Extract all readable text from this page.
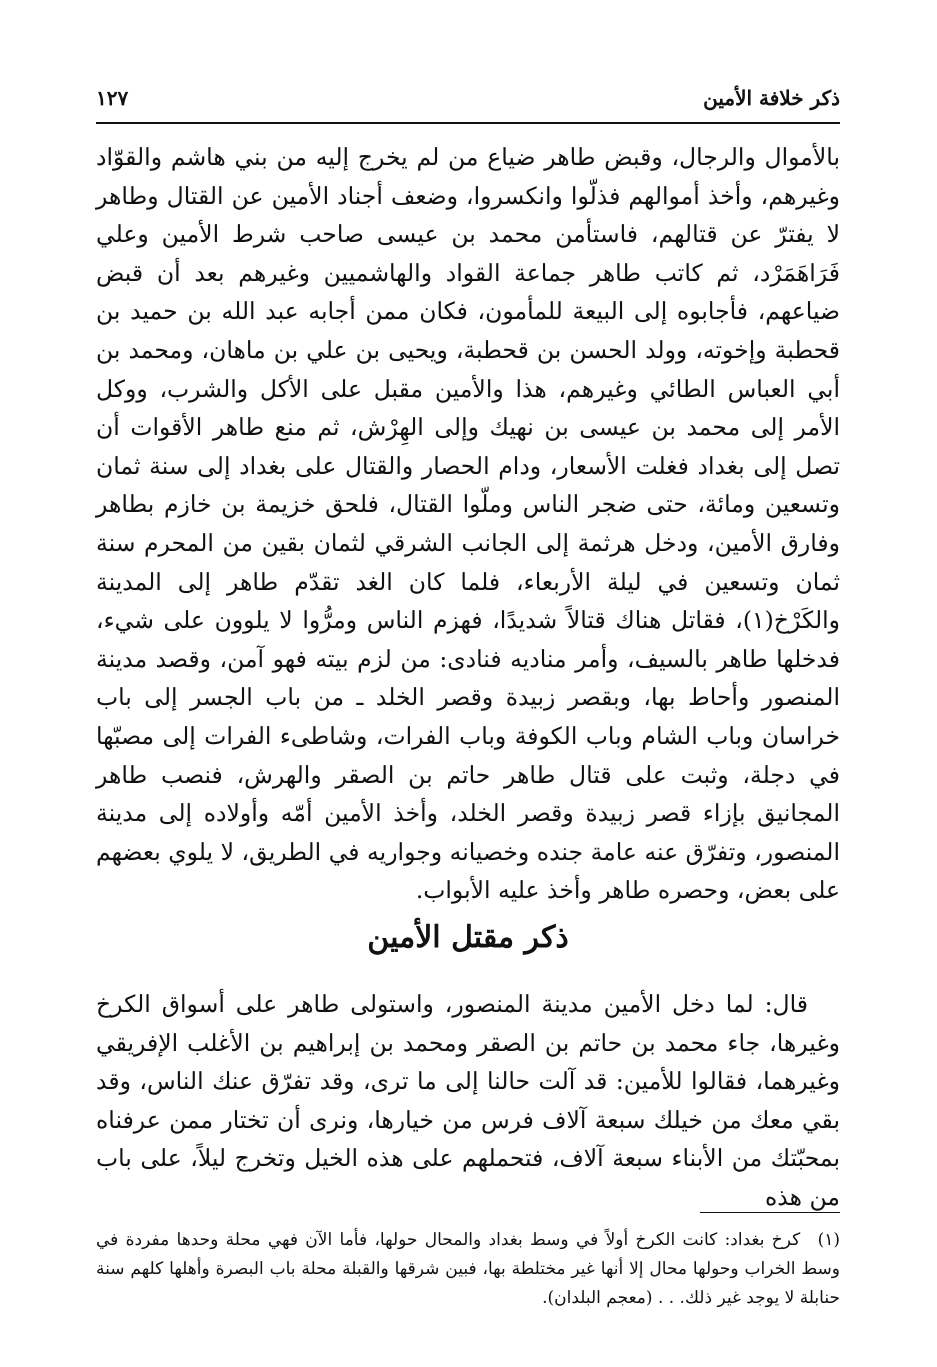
ذكر خلافة الأمين
١٢٧

بالأموال والرجال، وقبض طاهر ضياع من لم يخرج إليه من بني هاشم والقوّاد وغيرهم، وأخذ أموالهم فذلّوا وانكسروا، وضعف أجناد الأمين عن القتال وطاهر لا يفترّ عن قتالهم، فاستأمن محمد بن عيسى صاحب شرط الأمين وعلي فَرَاهَمَرْد، ثم كاتب طاهر جماعة القواد والهاشميين وغيرهم بعد أن قبض ضياعهم، فأجابوه إلى البيعة للمأمون، فكان ممن أجابه عبد الله بن حميد بن قحطبة وإخوته، وولد الحسن بن قحطبة، ويحيى بن علي بن ماهان، ومحمد بن أبي العباس الطائي وغيرهم، هذا والأمين مقبل على الأكل والشرب، ووكل الأمر إلى محمد بن عيسى بن نهيك وإلى الهِرْش، ثم منع طاهر الأقوات أن تصل إلى بغداد فغلت الأسعار، ودام الحصار والقتال على بغداد إلى سنة ثمان وتسعين ومائة، حتى ضجر الناس وملّوا القتال، فلحق خزيمة بن خازم بطاهر وفارق الأمين، ودخل هرثمة إلى الجانب الشرقي لثمان بقين من المحرم سنة ثمان وتسعين في ليلة الأربعاء، فلما كان الغد تقدّم طاهر إلى المدينة والكَرْخ(١)، فقاتل هناك قتالاً شديدًا، فهزم الناس ومرُّوا لا يلوون على شيء، فدخلها طاهر بالسيف، وأمر مناديه فنادى: من لزم بيته فهو آمن، وقصد مدينة المنصور وأحاط بها، وبقصر زبيدة وقصر الخلد ـ من باب الجسر إلى باب خراسان وباب الشام وباب الكوفة وباب الفرات، وشاطىء الفرات إلى مصبّها في دجلة، وثبت على قتال طاهر حاتم بن الصقر والهرش، فنصب طاهر المجانيق بإزاء قصر زبيدة وقصر الخلد، وأخذ الأمين أمّه وأولاده إلى مدينة المنصور، وتفرّق عنه عامة جنده وخصيانه وجواريه في الطريق، لا يلوي بعضهم على بعض، وحصره طاهر وأخذ عليه الأبواب.

ذكر مقتل الأمين

قال: لما دخل الأمين مدينة المنصور، واستولى طاهر على أسواق الكرخ وغيرها، جاء محمد بن حاتم بن الصقر ومحمد بن إبراهيم بن الأغلب الإفريقي وغيرهما، فقالوا للأمين: قد آلت حالنا إلى ما ترى، وقد تفرّق عنك الناس، وقد بقي معك من خيلك سبعة آلاف فرس من خيارها، ونرى أن تختار ممن عرفناه بمحبّتك من الأبناء سبعة آلاف، فتحملهم على هذه الخيل وتخرج ليلاً، على باب من هذه

(١) كرخ بغداد: كانت الكرخ أولاً في وسط بغداد والمحال حولها، فأما الآن فهي محلة وحدها مفردة في وسط الخراب وحولها محال إلا أنها غير مختلطة بها، فبين شرقها والقبلة محلة باب البصرة وأهلها كلهم سنة حنابلة لا يوجد غير ذلك. . . (معجم البلدان).
